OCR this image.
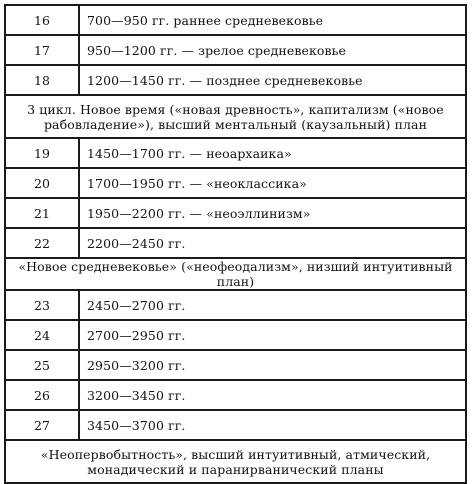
16	700—950 гг. раннее средневековье
17	950—1200 гг. — зрелое средневековье
18	1200—1450 гг. — позднее средневековье

3 цикл. Новое время («новая древность», капитализм («новое
рабовладение»), высший ментальный (каузальный) план	

19	1450—1700 гг. — неоархаика»
20	1700—1950 гг. — «неоклассика»
21	1950—2200 гг. — «неоэллинизм»
22	2200—2450 гг.

«Новое средневековье» («неофеодализм», низший интуитивный план)	

23	2450—2700 гг.
24	2700—2950 гг.
25	2950—3200 гг.
26	3200—3450 гг.
27	3450—3700 гг.

«Неопервобытность», высший интуитивный, атмический,
монадический и паранирванический планы	
